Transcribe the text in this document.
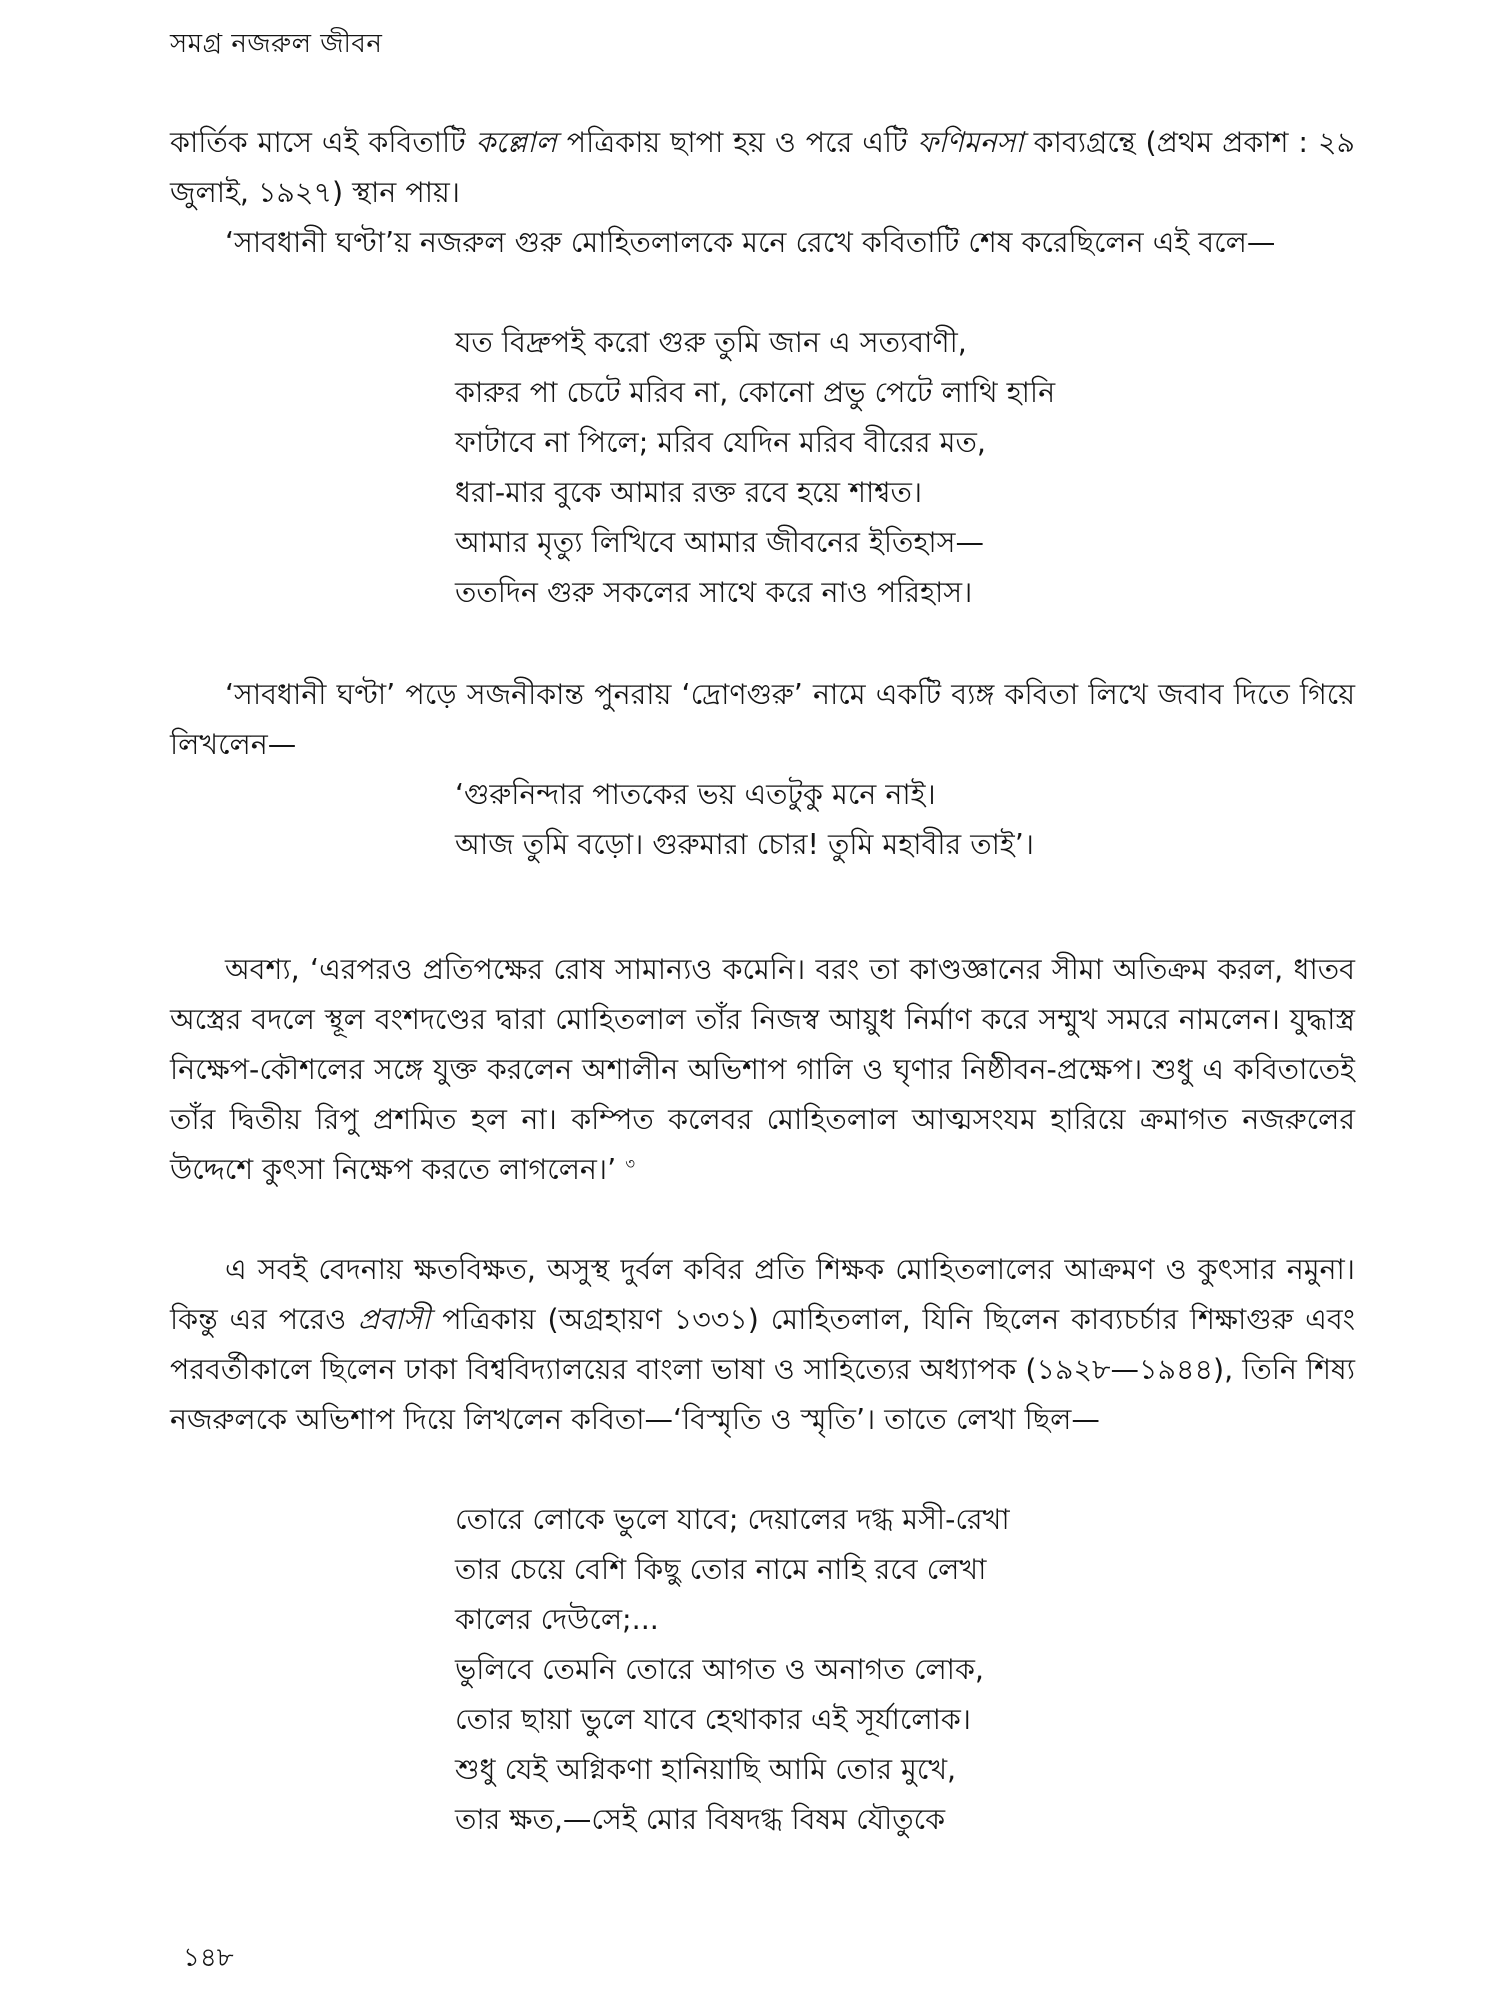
সমগ্র নজরুল জীবন

কার্তিক মাসে এই কবিতাটি কল্লোল পত্রিকায় ছাপা হয় ও পরে এটি ফণিমনসা কাব্যগ্রন্থে (প্রথম প্রকাশ : ২৯ জুলাই, ১৯২৭) স্থান পায়।

‘সাবধানী ঘণ্টা’য় নজরুল গুরু মোহিতলালকে মনে রেখে কবিতাটি শেষ করেছিলেন এই বলে—

যত বিদ্রুপই করো গুরু তুমি জান এ সত্যবাণী,
কারুর পা চেটে মরিব না, কোনো প্রভু পেটে লাথি হানি
ফাটাবে না পিলে; মরিব যেদিন মরিব বীরের মত,
ধরা-মার বুকে আমার রক্ত রবে হয়ে শাশ্বত।
আমার মৃত্যু লিখিবে আমার জীবনের ইতিহাস—
ততদিন গুরু সকলের সাথে করে নাও পরিহাস।

‘সাবধানী ঘণ্টা’ পড়ে সজনীকান্ত পুনরায় ‘দ্রোণগুরু’ নামে একটি ব্যঙ্গ কবিতা লিখে জবাব দিতে গিয়ে লিখলেন—

‘গুরুনিন্দার পাতকের ভয় এতটুকু মনে নাই।
আজ তুমি বড়ো। গুরুমারা চোর! তুমি মহাবীর তাই’।

অবশ্য, ‘এরপরও প্রতিপক্ষের রোষ সামান্যও কমেনি। বরং তা কাণ্ডজ্ঞানের সীমা অতিক্রম করল, ধাতব অস্ত্রের বদলে স্থূল বংশদণ্ডের দ্বারা মোহিতলাল তাঁর নিজস্ব আয়ুধ নির্মাণ করে সম্মুখ সমরে নামলেন। যুদ্ধাস্ত্র নিক্ষেপ-কৌশলের সঙ্গে যুক্ত করলেন অশালীন অভিশাপ গালি ও ঘৃণার নিষ্ঠীবন-প্রক্ষেপ। শুধু এ কবিতাতেই তাঁর দ্বিতীয় রিপু প্রশমিত হল না। কম্পিত কলেবর মোহিতলাল আত্মসংযম হারিয়ে ক্রমাগত নজরুলের উদ্দেশে কুৎসা নিক্ষেপ করতে লাগলেন।’ $^৩$

এ সবই বেদনায় ক্ষতবিক্ষত, অসুস্থ দুর্বল কবির প্রতি শিক্ষক মোহিতলালের আক্রমণ ও কুৎসার নমুনা। কিন্তু এর পরেও প্রবাসী পত্রিকায় (অগ্রহায়ণ ১৩৩১) মোহিতলাল, যিনি ছিলেন কাব্যচর্চার শিক্ষাগুরু এবং পরবর্তীকালে ছিলেন ঢাকা বিশ্ববিদ্যালয়ের বাংলা ভাষা ও সাহিত্যের অধ্যাপক (১৯২৮—১৯৪৪), তিনি শিষ্য নজরুলকে অভিশাপ দিয়ে লিখলেন কবিতা—‘বিস্মৃতি ও স্মৃতি’। তাতে লেখা ছিল—

তোরে লোকে ভুলে যাবে; দেয়ালের দগ্ধ মসী-রেখা
তার চেয়ে বেশি কিছু তোর নামে নাহি রবে লেখা
কালের দেউলে;...
ভুলিবে তেমনি তোরে আগত ও অনাগত লোক,
তোর ছায়া ভুলে যাবে হেথাকার এই সূর্যালোক।
শুধু যেই অগ্নিকণা হানিয়াছি আমি তোর মুখে,
তার ক্ষত,—সেই মোর বিষদগ্ধ বিষম যৌতুকে
১৪৮
